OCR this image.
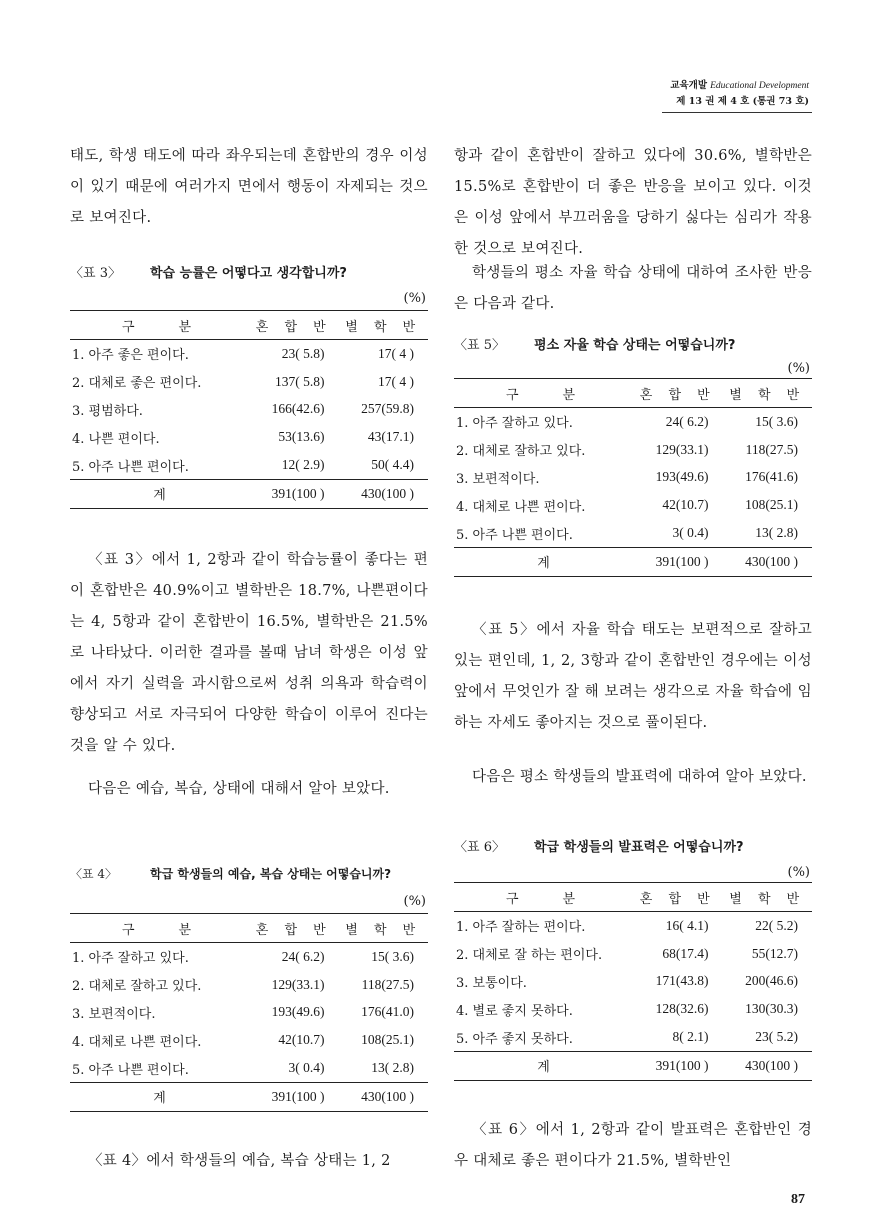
교육개발 Educational Development
제 13 권 제 4 호 (통권 73 호)

태도, 학생 태도에 따라 좌우되는데 혼합반의 경우 이성이 있기 때문에 여러가지 면에서 행동이 자제되는 것으로 보여진다.

〈표 3〉 학습 능률은 어떻다고 생각합니까?

(%)

구　　분	혼 합 반	별 학 반
1. 아주 좋은 편이다.	23( 5.8)	17( 4 )
2. 대체로 좋은 편이다.	137( 5.8)	17( 4 )
3. 평범하다.	166(42.6)	257(59.8)
4. 나쁜 편이다.	53(13.6)	43(17.1)
5. 아주 나쁜 편이다.	12( 2.9)	50( 4.4)
계	391(100 )	430(100 )

〈표 3〉에서 1, 2항과 같이 학습능률이 좋다는 편이 혼합반은 40.9%이고 별학반은 18.7%, 나쁜편이다는 4, 5항과 같이 혼합반이 16.5%, 별학반은 21.5%로 나타났다. 이러한 결과를 볼때 남녀 학생은 이성 앞에서 자기 실력을 과시함으로써 성취 의욕과 학습력이 향상되고 서로 자극되어 다양한 학습이 이루어 진다는 것을 알 수 있다.

다음은 예습, 복습, 상태에 대해서 알아 보았다.

〈표 4〉	학급 학생들의 예습, 복습 상태는 어떻습니까?

(%)

구　　분	혼 합 반	별 학 반
1. 아주 잘하고 있다.	24( 6.2)	15( 3.6)
2. 대체로 잘하고 있다.	129(33.1)	118(27.5)
3. 보편적이다.	193(49.6)	176(41.0)
4. 대체로 나쁜 편이다.	42(10.7)	108(25.1)
5. 아주 나쁜 편이다.	3( 0.4)	13( 2.8)
계	391(100 )	430(100 )

〈표 4〉에서 학생들의 예습, 복습 상태는 1, 2

항과 같이 혼합반이 잘하고 있다에 30.6%, 별학반은 15.5%로 혼합반이 더 좋은 반응을 보이고 있다. 이것은 이성 앞에서 부끄러움을 당하기 싫다는 심리가 작용한 것으로 보여진다.

학생들의 평소 자율 학습 상태에 대하여 조사한 반응은 다음과 같다.

〈표 5〉 평소 자율 학습 상태는 어떻습니까?

(%)

구　　분	혼 합 반	별 학 반
1. 아주 잘하고 있다.	24( 6.2)	15( 3.6)
2. 대체로 잘하고 있다.	129(33.1)	118(27.5)
3. 보편적이다.	193(49.6)	176(41.6)
4. 대체로 나쁜 편이다.	42(10.7)	108(25.1)
5. 아주 나쁜 편이다.	3( 0.4)	13( 2.8)
계	391(100 )	430(100 )

〈표 5〉에서 자율 학습 태도는 보편적으로 잘하고 있는 편인데, 1, 2, 3항과 같이 혼합반인 경우에는 이성 앞에서 무엇인가 잘 해 보려는 생각으로 자율 학습에 임하는 자세도 좋아지는 것으로 풀이된다.

다음은 평소 학생들의 발표력에 대하여 알아 보았다.

〈표 6〉 학급 학생들의 발표력은 어떻습니까?

(%)

구　　분	혼 합 반	별 학 반
1. 아주 잘하는 편이다.	16( 4.1)	22( 5.2)
2. 대체로 잘 하는 편이다.	68(17.4)	55(12.7)
3. 보통이다.	171(43.8)	200(46.6)
4. 별로 좋지 못하다.	128(32.6)	130(30.3)
5. 아주 좋지 못하다.	8( 2.1)	23( 5.2)
계	391(100 )	430(100 )

〈표 6〉에서 1, 2항과 같이 발표력은 혼합반인 경우 대체로 좋은 편이다가 21.5%, 별학반인

87
